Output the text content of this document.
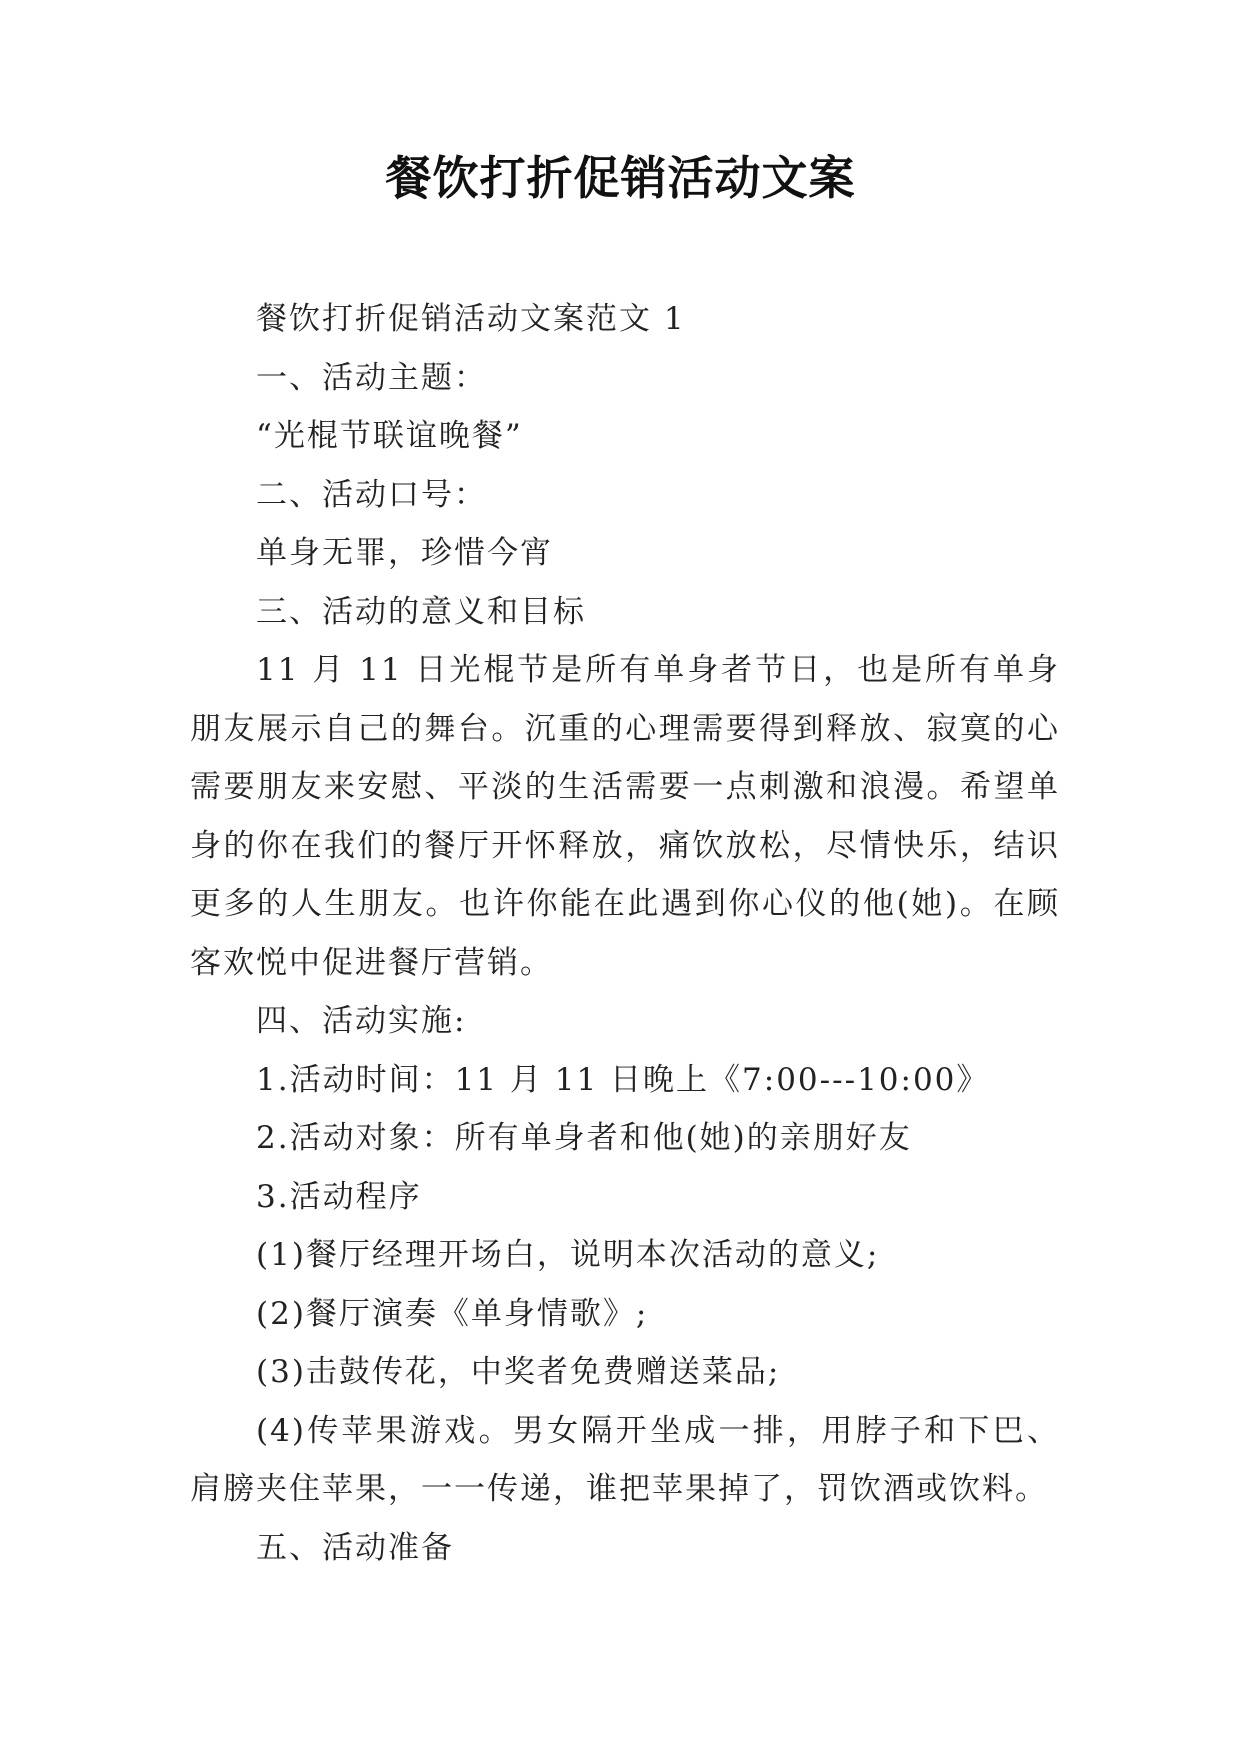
餐饮打折促销活动文案
餐饮打折促销活动文案范文 1
一、活动主题：
“光棍节联谊晚餐”
二、活动口号：
单身无罪，珍惜今宵
三、活动的意义和目标
11 月 11 日光棍节是所有单身者节日，也是所有单身朋友展示自己的舞台。沉重的心理需要得到释放、寂寞的心需要朋友来安慰、平淡的生活需要一点刺激和浪漫。希望单身的你在我们的餐厅开怀释放，痛饮放松，尽情快乐，结识更多的人生朋友。也许你能在此遇到你心仪的他(她)。在顾客欢悦中促进餐厅营销。
四、活动实施:
1.活动时间：11 月 11 日晚上《7:00---10:00》
2.活动对象：所有单身者和他(她)的亲朋好友
3.活动程序
(1)餐厅经理开场白，说明本次活动的意义;
(2)餐厅演奏《单身情歌》;
(3)击鼓传花，中奖者免费赠送菜品;
(4)传苹果游戏。男女隔开坐成一排，用脖子和下巴、肩膀夹住苹果，一一传递，谁把苹果掉了，罚饮酒或饮料。
五、活动准备
